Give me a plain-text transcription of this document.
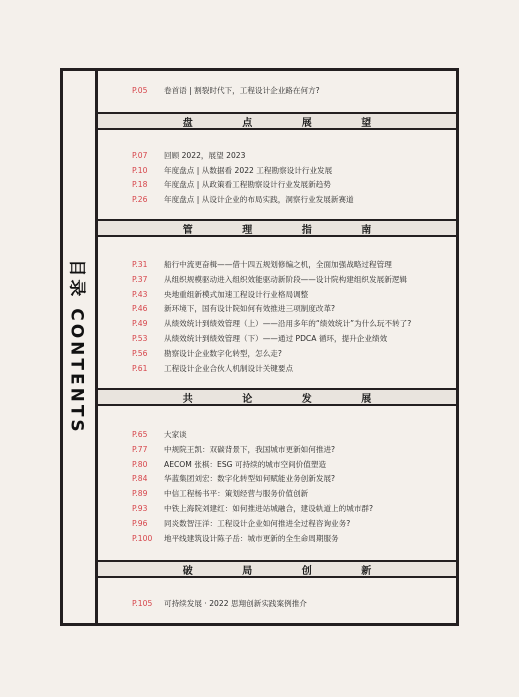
目录 CONTENTS
P.05	卷首语 | 割裂时代下，工程设计企业路在何方?
盘	点	展	望
P.07	回顾 2022，展望 2023
P.10	年度盘点 | 从数据看 2022 工程勘察设计行业发展
P.18	年度盘点 | 从政策看工程勘察设计行业发展新趋势
P.26	年度盘点 | 从设计企业的布局实践，洞察行业发展新赛道
管	理	指	南
P.31	船行中流更奋楫——借十四五规划修编之机，全面加强战略过程管理
P.37	从组织规模驱动进入组织效能驱动新阶段——设计院构建组织发展新逻辑
P.43	央地重组新模式加速工程设计行业格局调整
P.46	新环境下，国有设计院如何有效推进三项制度改革?
P.49	从绩效统计到绩效管理（上）——沿用多年的“绩效统计”为什么玩不转了?
P.53	从绩效统计到绩效管理（下）——通过 PDCA 循环，提升企业绩效
P.56	勘察设计企业数字化转型，怎么走?
P.61	工程设计企业合伙人机制设计关键要点
共	论	发	展
P.65	大家谈
P.77	中规院王凯：双碳背景下，我国城市更新如何推进?
P.80	AECOM 张棋：ESG 可持续的城市空间价值塑造
P.84	华蓝集团刘宏：数字化转型如何赋能业务创新发展?
P.89	中信工程杨书平：策划经营与服务价值创新
P.93	中铁上海院刘建红：如何推进站城融合，建设轨道上的城市群?
P.96	同炎数智汪洋：工程设计企业如何推进全过程咨询业务?
P.100	地平线建筑设计陈子岳：城市更新的全生命周期服务
破	局	创	新
P.105	可持续发展 · 2022 思翔创新实践案例推介
